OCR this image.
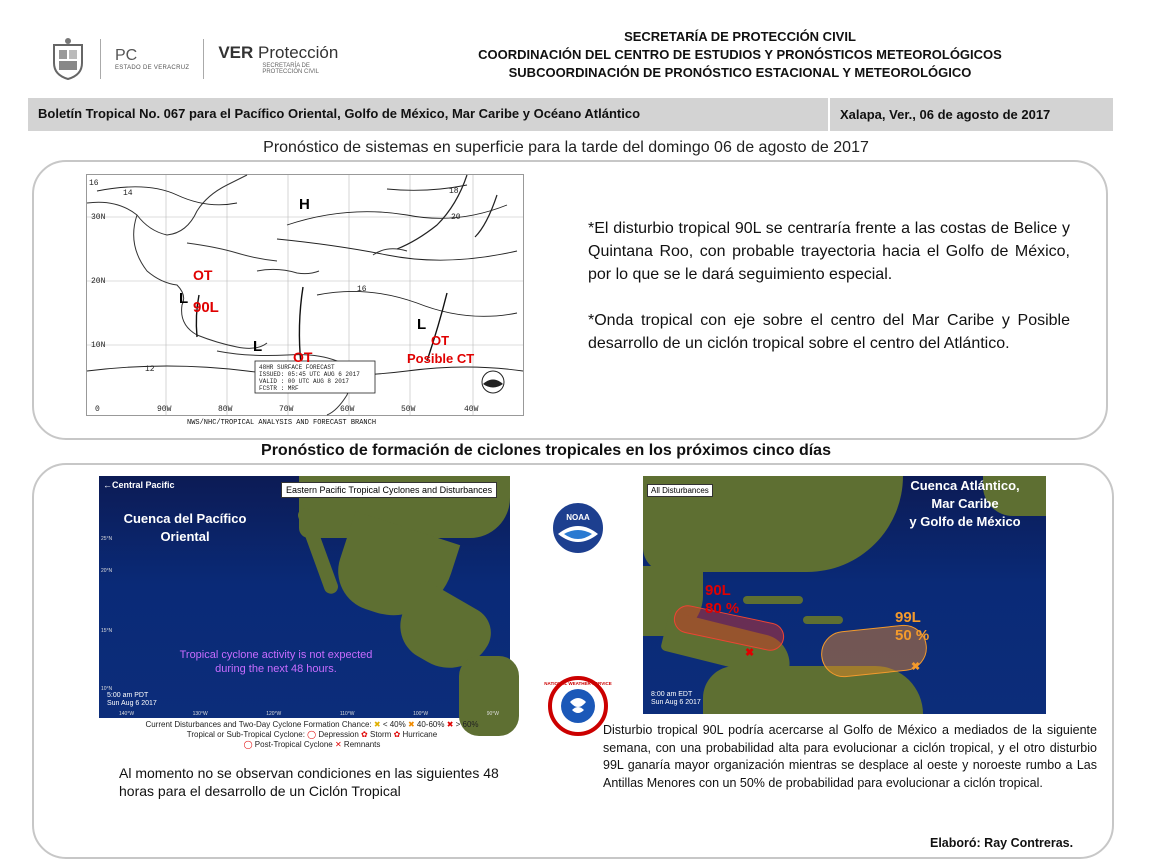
PC
ESTADO DE VERACRUZ
VER Protección
SECRETARÍA DE
PROTECCIÓN CIVIL
SECRETARÍA DE PROTECCIÓN CIVIL
COORDINACIÓN DEL CENTRO DE ESTUDIOS Y PRONÓSTICOS METEOROLÓGICOS
SUBCOORDINACIÓN DE PRONÓSTICO ESTACIONAL Y METEOROLÓGICO
Boletín Tropical No. 067 para el Pacífico Oriental, Golfo de México, Mar Caribe y Océano Atlántico	Xalapa, Ver., 06 de agosto de 2017
Pronóstico de sistemas en superficie para la tarde del domingo 06 de agosto de 2017
30N
20N
10N
0	90W	80W	70W	60W	50W	40W
16
14	18
20
16
12
H
L
L
L
48HR SURFACE FORECAST
ISSUED: 05:45 UTC AUG 6 2017
VALID : 00 UTC AUG 8 2017
FCSTR : MRF
NWS/NHC/TROPICAL ANALYSIS AND FORECAST BRANCH
OT
90L
OT
OT
Posible CT

*El disturbio tropical 90L se centraría frente a las costas de Belice y Quintana Roo, con probable trayectoria hacia el Golfo de México, por lo que se le dará seguimiento especial.

*Onda tropical con eje sobre el centro del Mar Caribe y Posible desarrollo de un ciclón tropical sobre el centro del Atlántico.

Pronóstico de formación de ciclones tropicales en los próximos cinco días
←Central Pacific	Eastern Pacific Tropical Cyclones and Disturbances
Cuenca del Pacífico Oriental
Tropical cyclone activity is not expected during the next 48 hours.
5:00 am PDT
Sun Aug 6 2017
25°N
20°N
15°N
10°N
140°W	130°W	120°W	110°W	100°W	90°W
Current Disturbances and Two-Day Cyclone Formation Chance: ✖ < 40% ✖ 40-60% ✖ > 60%
Tropical or Sub-Tropical Cyclone: ◯ Depression ✿ Storm ✿ Hurricane
◯ Post-Tropical Cyclone ✕ Remnants
Al momento no se observan condiciones en las siguientes 48 horas para el desarrollo de un Ciclón Tropical
NOAA
NATIONAL WEATHER SERVICE
✖
✖
All Disturbances	Cuenca Atlántico,
Mar Caribe
y Golfo de México
90L
80 %
99L
50 %
8:00 am EDT
Sun Aug 6 2017
Disturbio tropical 90L podría acercarse al Golfo de México a mediados de la siguiente semana, con una probabilidad alta para evolucionar a ciclón tropical, y el otro disturbio 99L ganaría mayor organización mientras se desplace al oeste y noroeste rumbo a Las Antillas Menores con un 50% de probabilidad para evolucionar a ciclón tropical.
Elaboró: Ray Contreras.
